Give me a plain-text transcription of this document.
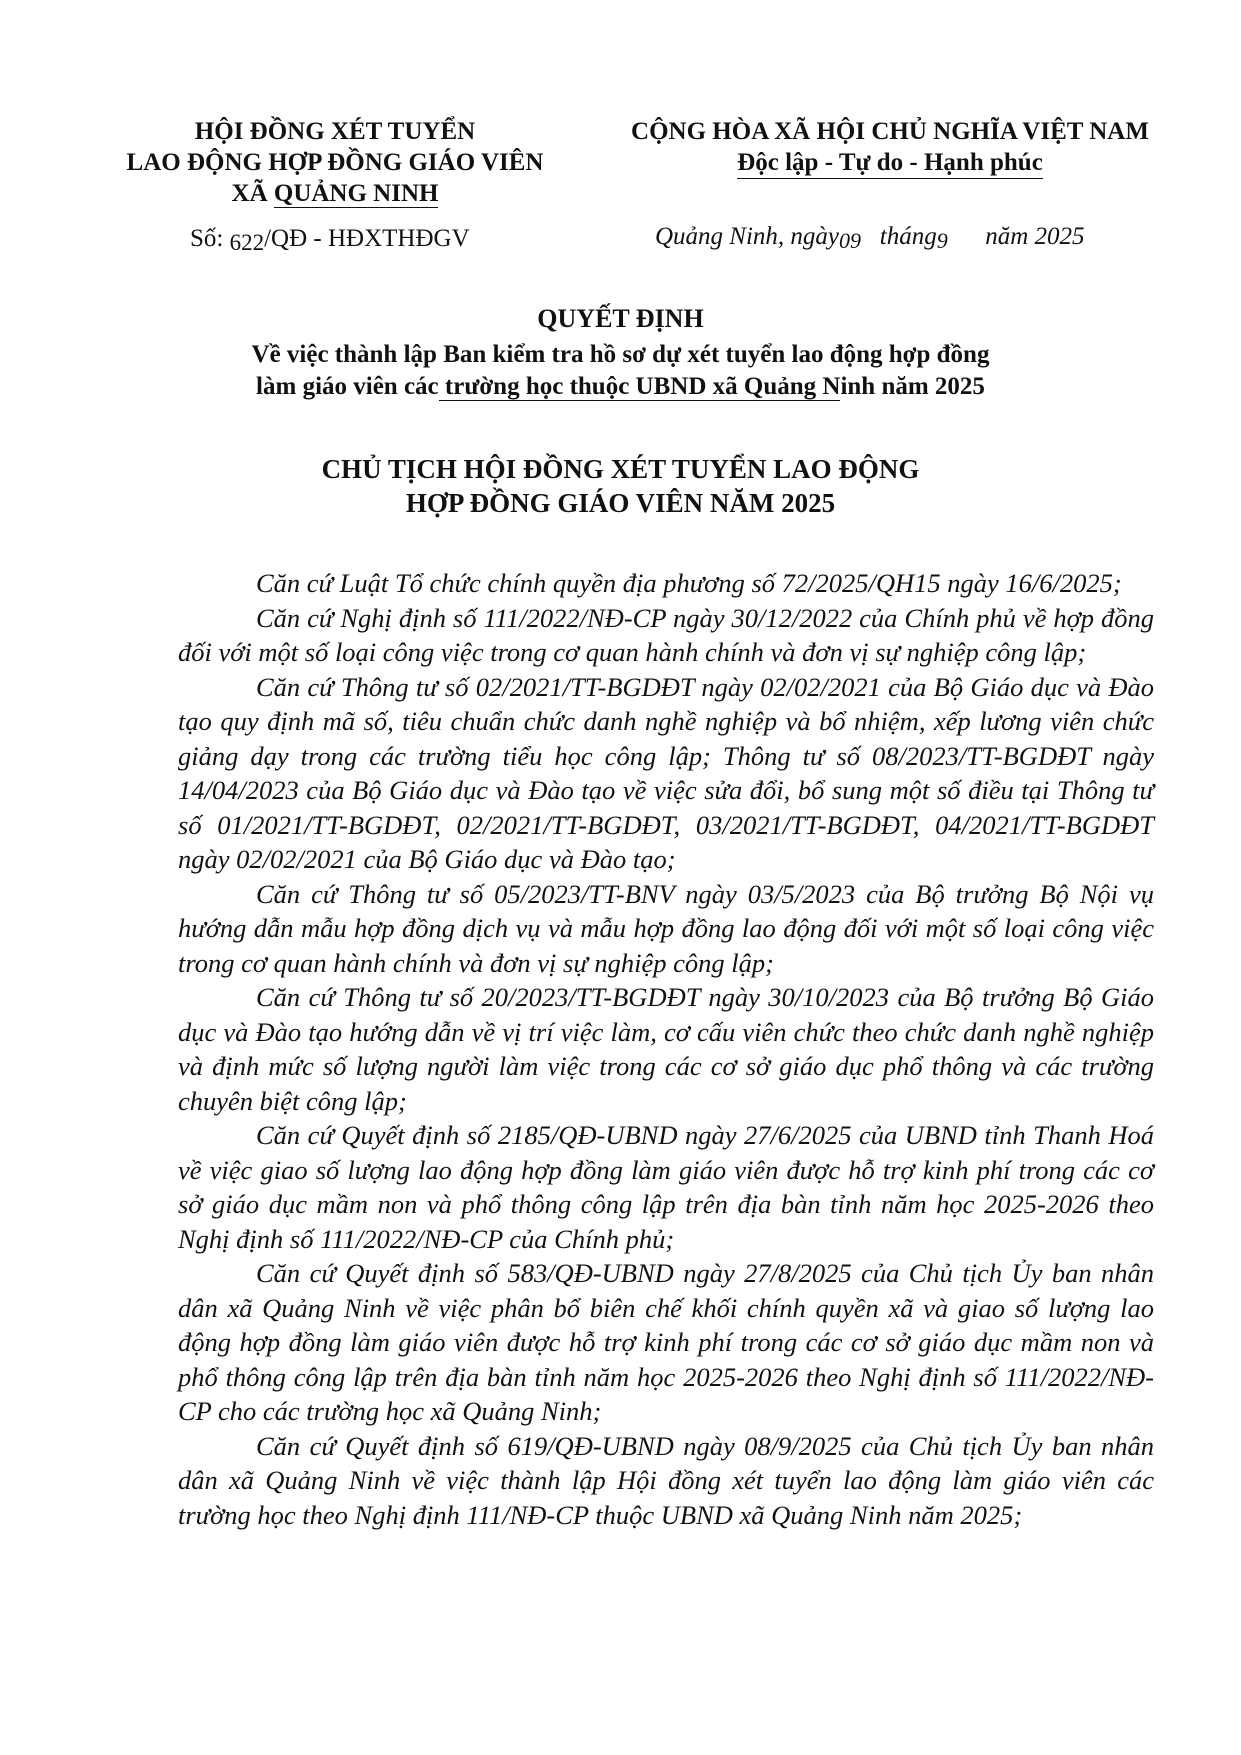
HỘI ĐỒNG XÉT TUYỂN
LAO ĐỘNG HỢP ĐỒNG GIÁO VIÊN
XÃ QUẢNG NINH
CỘNG HÒA XÃ HỘI CHỦ NGHĨA VIỆT NAM
Độc lập - Tự do - Hạnh phúc
Số: 622/QĐ - HĐXTHĐGV	Quảng Ninh, ngày09 tháng9 năm 2025
QUYẾT ĐỊNH
Về việc thành lập Ban kiểm tra hồ sơ dự xét tuyển lao động hợp đồng
làm giáo viên các trường học thuộc UBND xã Quảng Ninh năm 2025
CHỦ TỊCH HỘI ĐỒNG XÉT TUYỂN LAO ĐỘNG
HỢP ĐỒNG GIÁO VIÊN NĂM 2025

Căn cứ Luật Tổ chức chính quyền địa phương số 72/2025/QH15 ngày 16/6/2025;

Căn cứ Nghị định số 111/2022/NĐ-CP ngày 30/12/2022 của Chính phủ về hợp đồng đối với một số loại công việc trong cơ quan hành chính và đơn vị sự nghiệp công lập;

Căn cứ Thông tư số 02/2021/TT-BGDĐT ngày 02/02/2021 của Bộ Giáo dục và Đào tạo quy định mã số, tiêu chuẩn chức danh nghề nghiệp và bổ nhiệm, xếp lương viên chức giảng dạy trong các trường tiểu học công lập; Thông tư số 08/2023/TT-BGDĐT ngày 14/04/2023 của Bộ Giáo dục và Đào tạo về việc sửa đổi, bổ sung một số điều tại Thông tư số 01/2021/TT-BGDĐT, 02/2021/TT-BGDĐT, 03/2021/TT-BGDĐT, 04/2021/TT-BGDĐT ngày 02/02/2021 của Bộ Giáo dục và Đào tạo;

Căn cứ Thông tư số 05/2023/TT-BNV ngày 03/5/2023 của Bộ trưởng Bộ Nội vụ hướng dẫn mẫu hợp đồng dịch vụ và mẫu hợp đồng lao động đối với một số loại công việc trong cơ quan hành chính và đơn vị sự nghiệp công lập;

Căn cứ Thông tư số 20/2023/TT-BGDĐT ngày 30/10/2023 của Bộ trưởng Bộ Giáo dục và Đào tạo hướng dẫn về vị trí việc làm, cơ cấu viên chức theo chức danh nghề nghiệp và định mức số lượng người làm việc trong các cơ sở giáo dục phổ thông và các trường chuyên biệt công lập;

Căn cứ Quyết định số 2185/QĐ-UBND ngày 27/6/2025 của UBND tỉnh Thanh Hoá về việc giao số lượng lao động hợp đồng làm giáo viên được hỗ trợ kinh phí trong các cơ sở giáo dục mầm non và phổ thông công lập trên địa bàn tỉnh năm học 2025-2026 theo Nghị định số 111/2022/NĐ-CP của Chính phủ;

Căn cứ Quyết định số 583/QĐ-UBND ngày 27/8/2025 của Chủ tịch Ủy ban nhân dân xã Quảng Ninh về việc phân bổ biên chế khối chính quyền xã và giao số lượng lao động hợp đồng làm giáo viên được hỗ trợ kinh phí trong các cơ sở giáo dục mầm non và phổ thông công lập trên địa bàn tỉnh năm học 2025-2026 theo Nghị định số 111/2022/NĐ-CP cho các trường học xã Quảng Ninh;

Căn cứ Quyết định số 619/QĐ-UBND ngày 08/9/2025 của Chủ tịch Ủy ban nhân dân xã Quảng Ninh về việc thành lập Hội đồng xét tuyển lao động làm giáo viên các trường học theo Nghị định 111/NĐ-CP thuộc UBND xã Quảng Ninh năm 2025;
